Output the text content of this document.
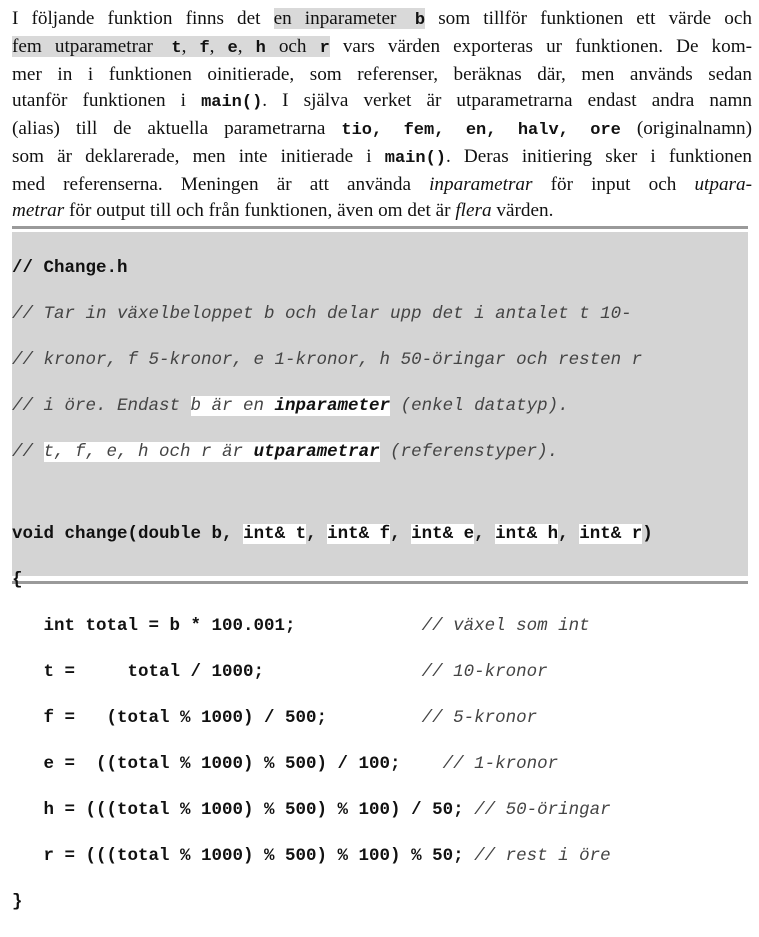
I följande funktion finns det en inparameter b som tillför funktionen ett värde och
fem utparametrar t, f, e, h och r vars värden exporteras ur funktionen. De kom-
mer in i funktionen oinitierade, som referenser, beräknas där, men används sedan
utanför funktionen i main(). I själva verket är utparametrarna endast andra namn
(alias) till de aktuella parametrarna tio, fem, en, halv, ore (originalnamn)
som är deklarerade, men inte initierade i main(). Deras initiering sker i funktionen
med referenserna. Meningen är att använda inparametrar för input och utpara-
metrar för output till och från funktionen, även om det är flera värden.

// Change.h

// Tar in växelbeloppet b och delar upp det i antalet t 10-

// kronor, f 5-kronor, e 1-kronor, h 50-öringar och resten r

// i öre. Endast b är en inparameter (enkel datatyp).

// t, f, e, h och r är utparametrar (referenstyper).

void change(double b, int& t, int& f, int& e, int& h, int& r)

{

int total = b * 100.001;            // växel som int

t =     total / 1000;               // 10-kronor

f =   (total % 1000) / 500;         // 5-kronor

e =  ((total % 1000) % 500) / 100;    // 1-kronor

h = (((total % 1000) % 500) % 100) / 50; // 50-öringar

r = (((total % 1000) % 500) % 100) % 50; // rest i öre

}
